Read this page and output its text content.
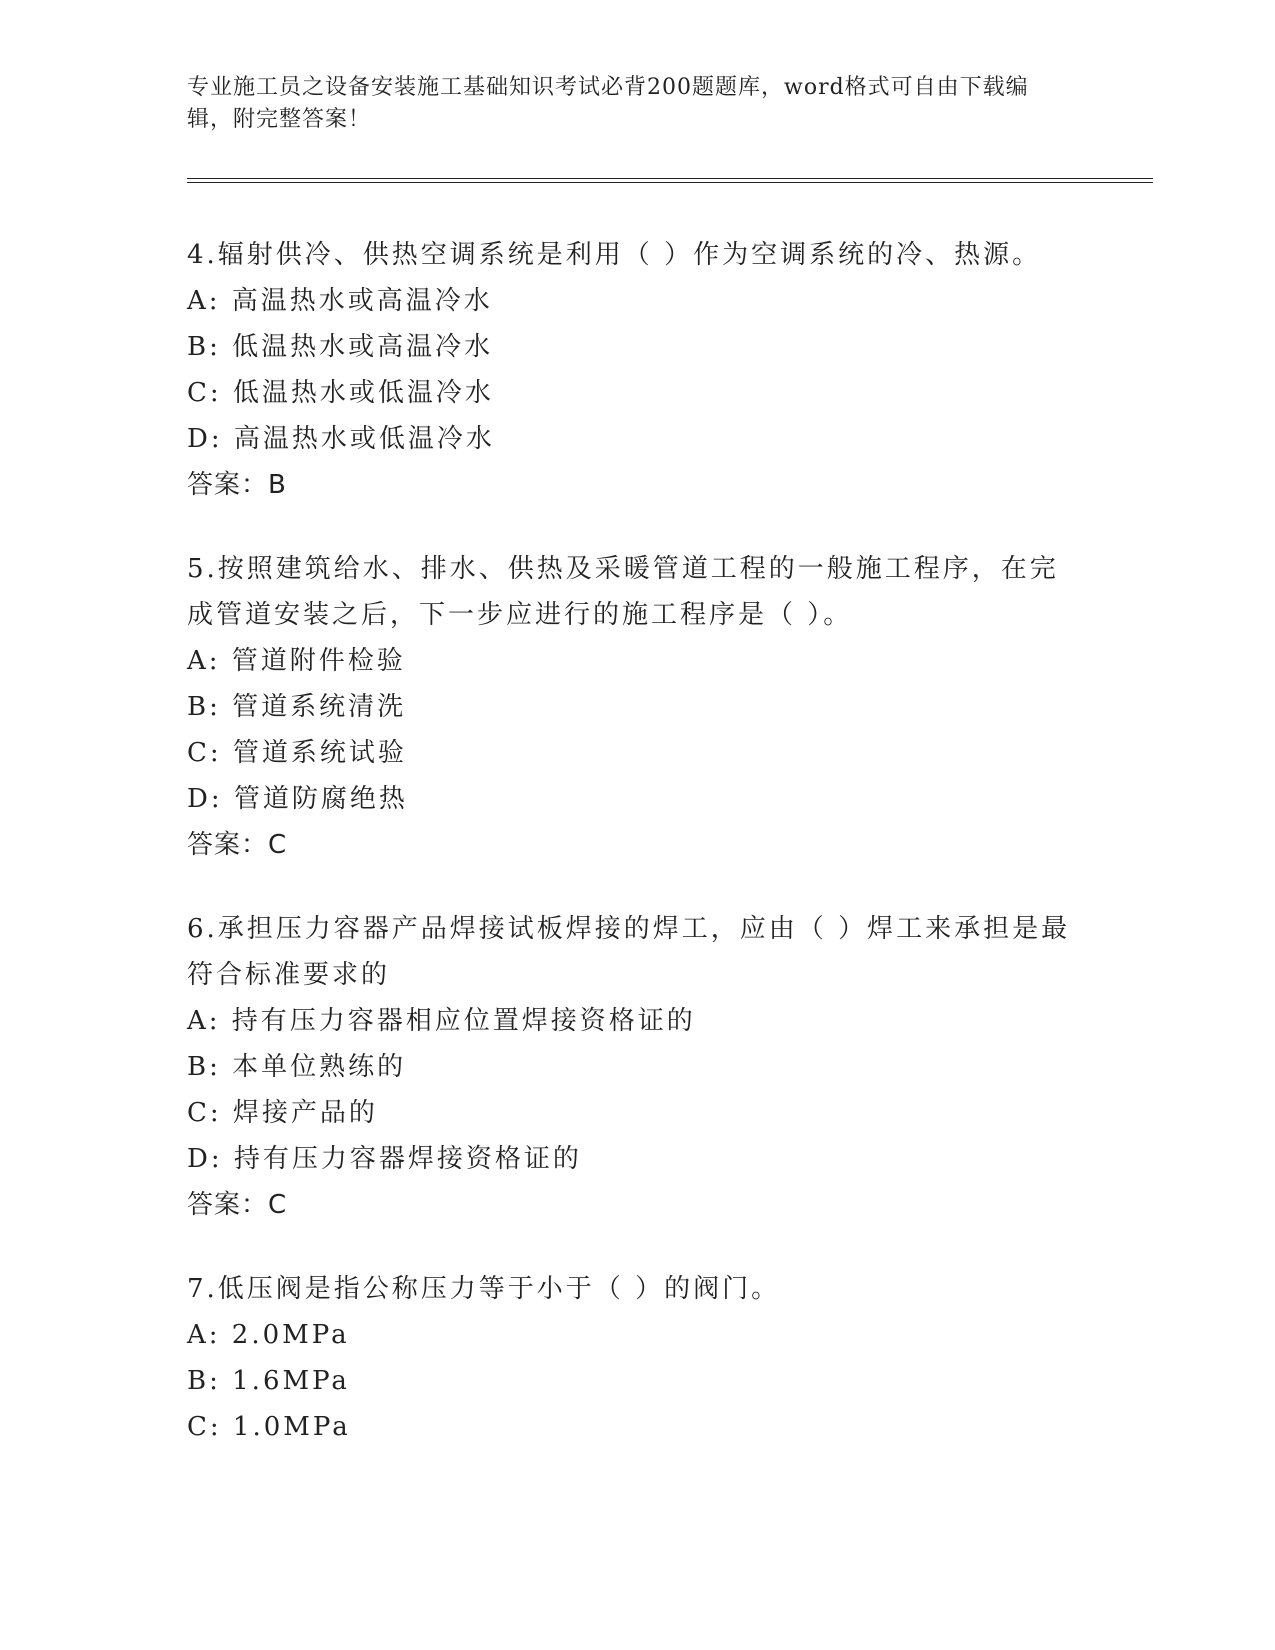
专业施工员之设备安装施工基础知识考试必背200题题库，word格式可自由下载编辑，附完整答案！

4.辐射供冷、供热空调系统是利用（ ）作为空调系统的冷、热源。

A: 高温热水或高温冷水

B: 低温热水或高温冷水

C: 低温热水或低温冷水

D: 高温热水或低温冷水

答案：B

5.按照建筑给水、排水、供热及采暖管道工程的一般施工程序，在完成管道安装之后，下一步应进行的施工程序是（ ）。

A: 管道附件检验

B: 管道系统清洗

C: 管道系统试验

D: 管道防腐绝热

答案：C

6.承担压力容器产品焊接试板焊接的焊工，应由（ ）焊工来承担是最符合标准要求的

A: 持有压力容器相应位置焊接资格证的

B: 本单位熟练的

C: 焊接产品的

D: 持有压力容器焊接资格证的

答案：C

7.低压阀是指公称压力等于小于（ ）的阀门。

A: 2.0MPa

B: 1.6MPa

C: 1.0MPa
